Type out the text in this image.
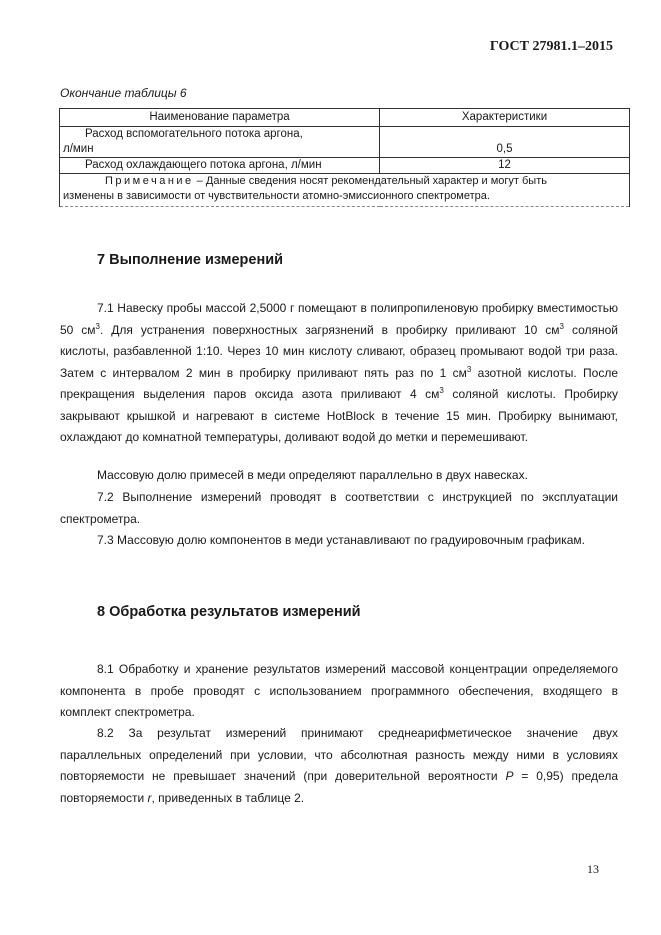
ГОСТ 27981.1–2015
Окончание таблицы 6
Наименование параметра	Характеристики

Расход вспомогательного потока аргона,
л/мин	0,5

Расход охлаждающего потока аргона, л/мин	12

Примечание – Данные сведения носят рекомендательный характер и могут быть
изменены в зависимости от чувствительности атомно-эмиссионного спектрометра.	
7 Выполнение измерений

7.1 Навеску пробы массой 2,5000 г помещают в полипропиленовую пробирку вместимостью 50 $см^3$. Для устранения поверхностных загрязнений в пробирку приливают 10 $см^3$ соляной кислоты, разбавленной 1:10. Через 10 мин кислоту сливают, образец промывают водой три раза. Затем с интервалом 2 мин в пробирку приливают пять раз по 1 $см^3$ азотной кислоты. После прекращения выделения паров оксида азота приливают 4 $см^3$ соляной кислоты. Пробирку закрывают крышкой и нагревают в системе HotBlock в течение 15 мин. Пробирку вынимают, охлаждают до комнатной температуры, доливают водой до метки и перемешивают.

Массовую долю примесей в меди определяют параллельно в двух навесках.

7.2 Выполнение измерений проводят в соответствии с инструкцией по эксплуатации спектрометра.

7.3 Массовую долю компонентов в меди устанавливают по градуировочным графикам.

8 Обработка результатов измерений

8.1 Обработку и хранение результатов измерений массовой концентрации определяемого компонента в пробе проводят с использованием программного обеспечения, входящего в комплект спектрометра.

8.2 За результат измерений принимают среднеарифметическое значение двух параллельных определений при условии, что абсолютная разность между ними в условиях повторяемости не превышает значений (при доверительной вероятности P = 0,95) предела повторяемости r, приведенных в таблице 2.

13
